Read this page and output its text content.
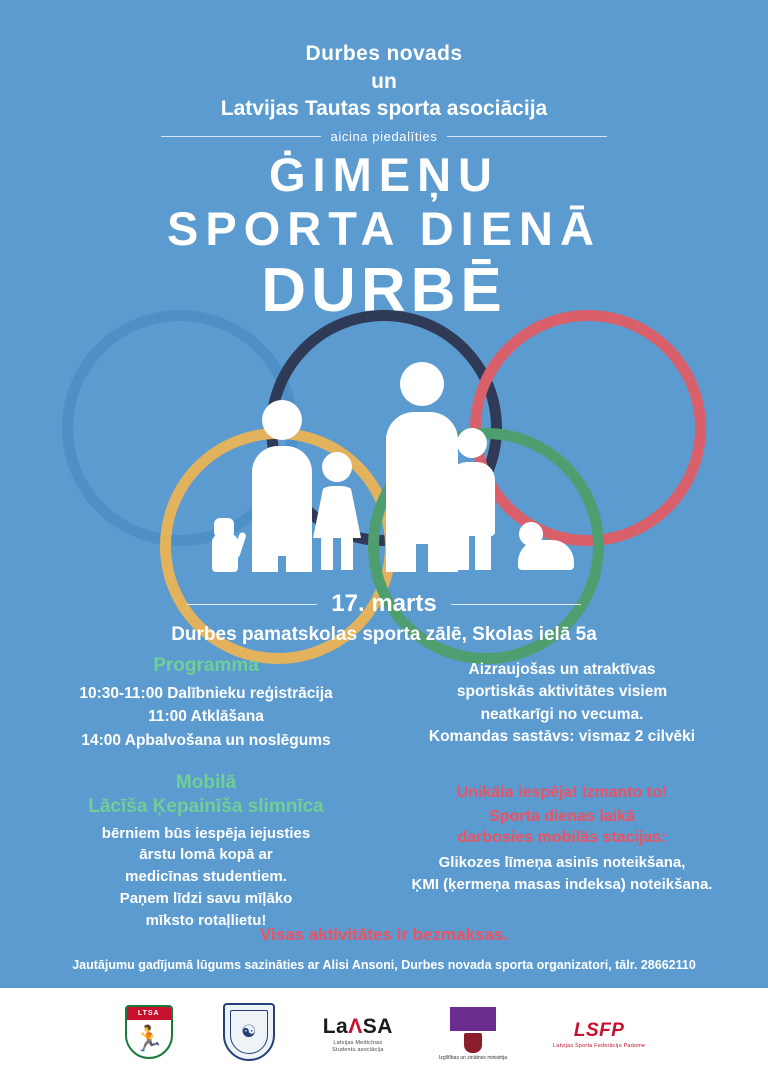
Durbes novads
un
Latvijas Tautas sporta asociācija
aicina piedalīties
ĠIMEŅU
SPORTA DIENĀ
DURBĒ
17. marts
Durbes pamatskolas sporta zālē, Skolas ielā 5a
Programma
10:30-11:00 Dalībnieku reģistrācija
11:00 Atklāšana
14:00 Apbalvošana un noslēgums
Aizraujošas un atraktīvas
sportiskās aktivitātes visiem
neatkarīgi no vecuma.
Komandas sastāvs: vismaz 2 cilvēki
Mobilā
Lācīša Ķepainīša slimnīca
bērniem būs iespēja iejusties
ārstu lomā kopā ar
medicīnas studentiem.
Paņem līdzi savu mīļāko
mīksto rotaļlietu!
Unikāla iespēja! Izmanto to!
Sporta dienas laikā
darbosies mobilās stacijas:
Glikozes līmeņa asinīs noteikšana,
ĶMI (ķermeņa masas indeksa) noteikšana.
Visas aktivitātes ir bezmaksas.
Jautājumu gadījumā lūgums sazināties ar Alisi Ansoni, Durbes novada sporta organizatori, tālr. 28662110
LTSA
🏃	☯	LaΛSA
Latvijas Medicīnas
Studentu asociācija
Izglītības un zinātnes ministrija
LSFP
Latvijas Sporta Federāciju Padome
